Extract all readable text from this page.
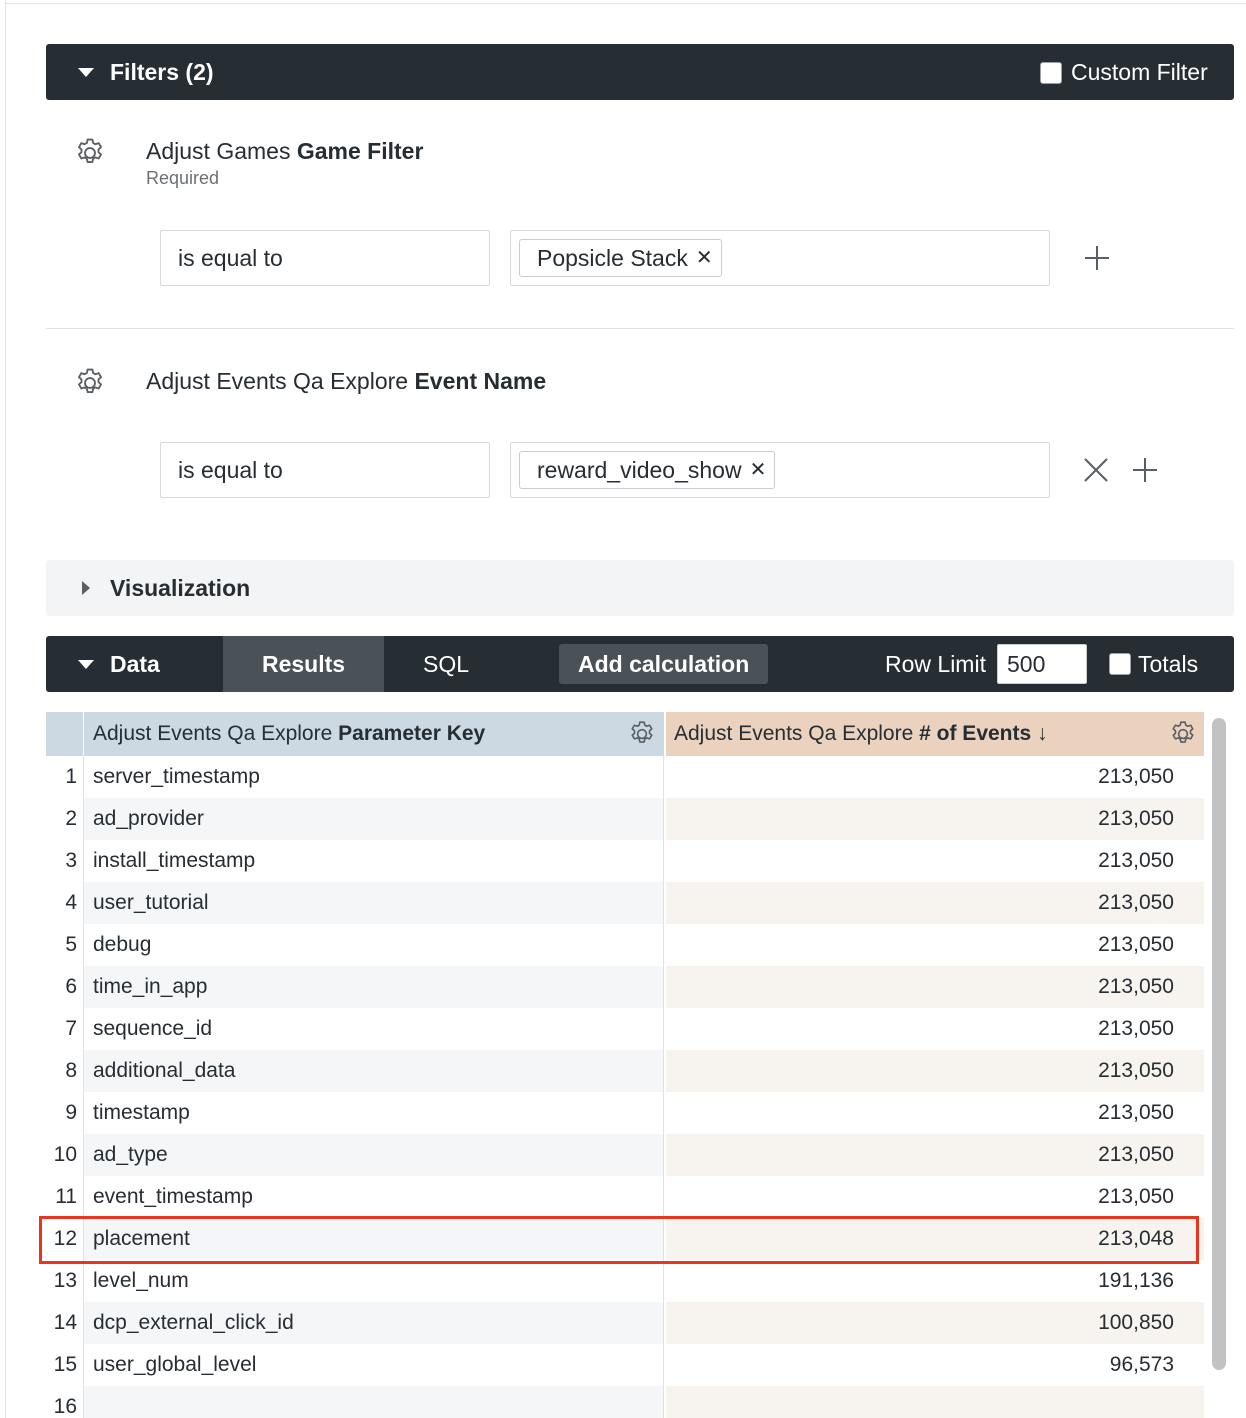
Filters (2)	Custom Filter
Adjust Games Game Filter
Required
is equal to	Popsicle Stack ✕
Adjust Events Qa Explore Event Name
is equal to	reward_video_show ✕
Visualization
Data	Results	SQL	Add calculation	Row Limit
500	Totals
Adjust Events Qa Explore Parameter Key	Adjust Events Qa Explore # of Events ↓
1 server_timestamp	213,050
2 ad_provider	213,050
3 install_timestamp	213,050
4 user_tutorial	213,050
5 debug	213,050
6 time_in_app	213,050
7 sequence_id	213,050
8 additional_data	213,050
9 timestamp	213,050
10 ad_type	213,050
11 event_timestamp	213,050
12 placement	213,048
13 level_num	191,136
14 dcp_external_click_id	100,850
15 user_global_level	96,573
16
